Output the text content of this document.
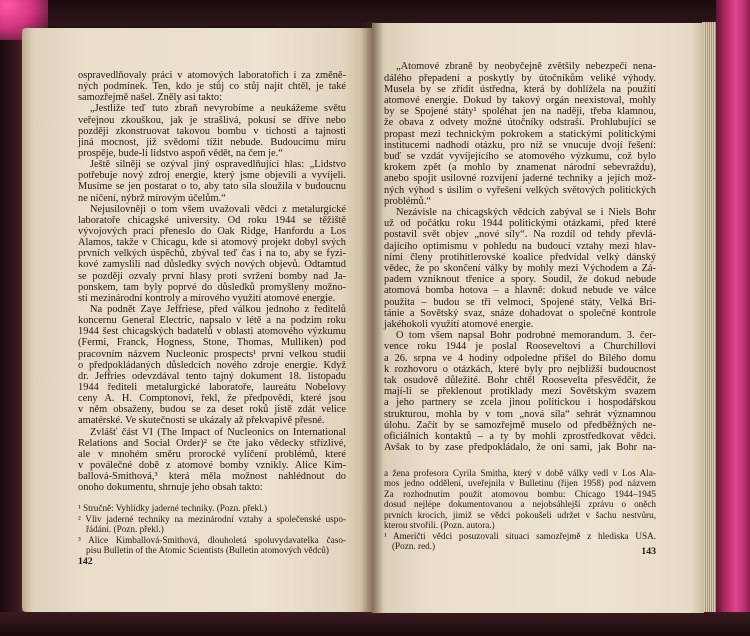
ospravedlňovaly práci v atomových laboratořích i za změně-
ných podmínek. Ten, kdo je stůj co stůj najít chtěl, je také
samozřejmě našel. Zněly asi takto:
„Jestliže teď tuto zbraň nevyrobíme a neukážeme světu
veřejnou zkouškou, jak je strašlivá, pokusí se dříve nebo
později zkonstruovat takovou bombu v tichosti a tajnosti
jiná mocnost, již svědomí tížit nebude. Budoucímu míru
prospěje, bude-li lidstvo aspoň vědět, na čem je.“
Ještě silněji se ozýval jiný ospravedlňující hlas: „Lidstvo
potřebuje nový zdroj energie, který jsme objevili a vyvíjeli.
Musíme se jen postarat o to, aby tato síla sloužila v budoucnu
ne ničení, nýbrž mírovým účelům.“
Nejusilovněji o tom všem uvažovali vědci z metalurgické
laboratoře chicagské university. Od roku 1944 se těžiště
vývojových prací přeneslo do Oak Ridge, Hanfordu a Los
Alamos, takže v Chicagu, kde si atomový projekt dobyl svých
prvních velkých úspěchů, zbýval teď čas i na to, aby se fyzi-
kové zamyslili nad důsledky svých nových objevů. Odtamtud
se později ozvaly první hlasy proti svržení bomby nad Ja-
ponskem, tam byly poprvé do důsledků promyšleny možno-
sti mezinárodní kontroly a mírového využití atomové energie.
Na podnět Zaye Jeffriese, před válkou jednoho z ředitelů
koncernu General Electric, napsalo v létě a na podzim roku
1944 šest chicagských badatelů v oblasti atomového výzkumu
(Fermi, Franck, Hogness, Stone, Thomas, Mulliken) pod
pracovním názvem Nucleonic prospects¹ první velkou studii
o předpokládaných důsledcích nového zdroje energie. Když
dr. Jeffries odevzdával tento tajný dokument 18. listopadu
1944 řediteli metalurgické laboratoře, laureátu Nobelovy
ceny A. H. Comptonovi, řekl, že předpovědi, které jsou
v něm obsaženy, budou se za deset roků jistě zdát velice
amatérské. Ve skutečnosti se ukázaly až překvapivě přesné.
Zvlášť část VI (The Impact of Nucleonics on International
Relations and Social Order)² se čte jako vědecky střízlivé,
ale v mnohém směru prorocké vylíčení problémů, které
v poválečné době z atomové bomby vznikly. Alice Kim-
ballová-Smithová,³ která měla možnost nahlédnout do
onoho dokumentu, shrnuje jeho obsah takto:
¹ Stručně: Vyhlídky jaderné techniky. (Pozn. překl.)
² Vliv jaderné techniky na mezinárodní vztahy a společenské uspo-
řádání. (Pozn. překl.)
³ Alice Kimballová-Smithová, dlouholetá spoluvydavatelka časo-
pisu Bulletin of the Atomic Scientists (Bulletin atomových vědců)
142
„Atomové zbraně by neobyčejně zvětšily nebezpečí nena-
dálého přepadení a poskytly by útočníkům veliké výhody.
Musela by se zřídit ústředna, která by dohlížela na použití
atomové energie. Dokud by takový orgán neexistoval, mohly
by se Spojené státy¹ spoléhat jen na naději, třeba klamnou,
že obava z odvety možné útočníky odstraší. Prohlubující se
propast mezi technickým pokrokem a statickými politickými
institucemi nadhodí otázku, pro níž se vnucuje dvojí řešení:
buď se vzdát vyvíjejícího se atomového výzkumu, což bylo
krokem zpět (a mohlo by znamenat národní sebevraždu),
anebo spojit usilovné rozvíjení jaderné techniky a jejích mož-
ných výhod s úsilím o vyřešení velkých světových politických
problémů.“
Nezávisle na chicagských vědcích zabýval se i Niels Bohr
už od počátku roku 1944 politickými otázkami, před které
postavil svět objev „nové síly“. Na rozdíl od tehdy převlá-
dajícího optimismu v pohledu na budoucí vztahy mezi hlav-
ními členy protihitlerovské koalice předvídal velký dánský
vědec, že po skončení války by mohly mezi Východem a Zá-
padem vzniknout třenice a spory. Soudil, že dokud nebude
atomová bomba hotova – a hlavně: dokud nebude ve válce
použita – budou se tři velmoci, Spojené státy, Velká Bri-
tánie a Sovětský svaz, snáze dohadovat o společné kontrole
jakéhokoli využití atomové energie.
O tom všem napsal Bohr podrobné memorandum. 3. čer-
vence roku 1944 je poslal Rooseveltovi a Churchillovi
a 26. srpna ve 4 hodiny odpoledne přišel do Bílého domu
k rozhovoru o otázkách, které byly pro nejbližší budoucnost
tak osudově důležité. Bohr chtěl Roosevelta přesvědčit, že
mají-li se překlenout protiklady mezi Sovětským svazem
a jeho partnery se zcela jinou politickou i hospodářskou
strukturou, mohla by v tom „nová síla“ sehrát významnou
úlohu. Začít by se samozřejmě muselo od předběžných ne-
oficiálních kontaktů – a ty by mohli zprostředkovat vědci.
Avšak to by zase předpokládalo, že oni sami, jak Bohr na-
a žena profesora Cyrila Smitha, který v době války vedl v Los Ala-
mos jedno oddělení, uveřejnila v Bulletinu (říjen 1958) pod názvem
Za rozhodnutím použít atomovou bombu: Chicago 1944–1945
dosud nejlépe dokumentovanou a nejobsáhlejší zprávu o oněch
prvních krocích, jimiž se vědci pokoušeli udržet v šachu nestvůru,
kterou stvořili. (Pozn. autora.)
¹ Američtí vědci posuzovali situaci samozřejmě z hlediska USA.
(Pozn. red.)	143
